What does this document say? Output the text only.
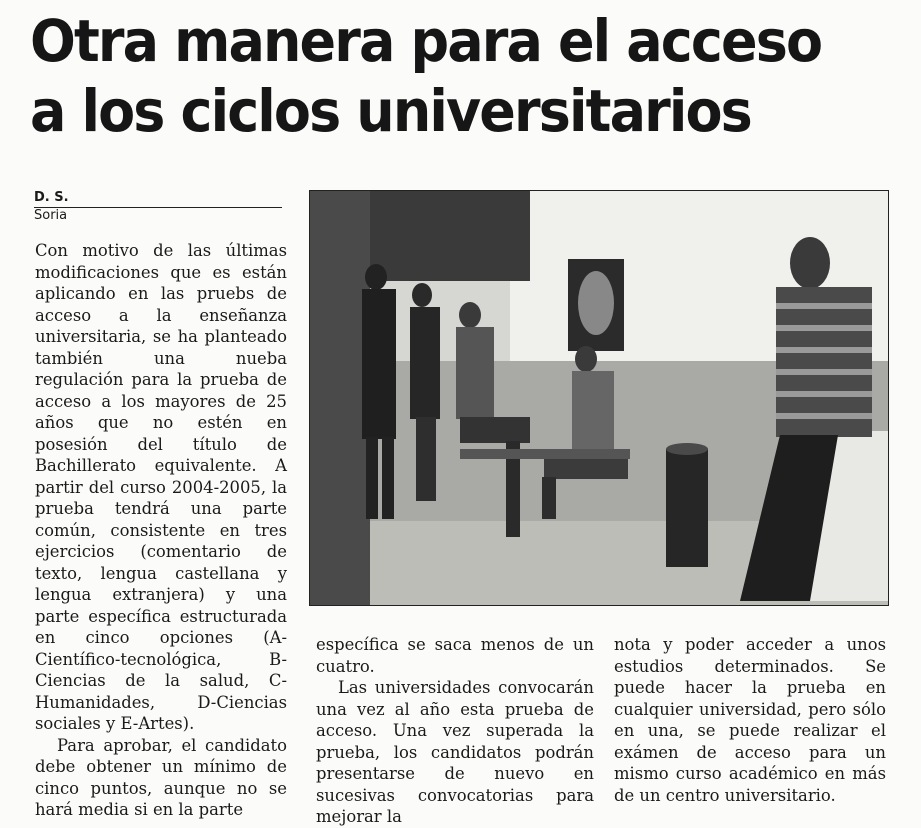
Otra manera para el acceso
a los ciclos universitarios
D. S.
Soria

Con motivo de las últimas modificaciones que es están aplicando en las pruebs de acceso a la enseñanza universitaria, se ha planteado también una nueba regulación para la prueba de acceso a los mayores de 25 años que no estén en posesión del título de Bachillerato equivalente. A partir del curso 2004-2005, la prueba tendrá una parte común, consistente en tres ejercicios (comentario de texto, lengua castellana y lengua extranjera) y una parte específica estructurada en cinco opciones (A-Científico-tecnológica, B-Ciencias de la salud, C-Humanidades, D-Ciencias sociales y E-Artes).

Para aprobar, el candidato debe obtener un mínimo de cinco puntos, aunque no se hará media si en la parte

específica se saca menos de un cuatro.

Las universidades convocarán una vez al año esta prueba de acceso. Una vez superada la prueba, los candidatos podrán presentarse de nuevo en sucesivas convocatorias para mejorar la

nota y poder acceder a unos estudios determinados. Se puede hacer la prueba en cualquier universidad, pero sólo en una, se puede realizar el exámen de acceso para un mismo curso académico en más de un centro universitario.
